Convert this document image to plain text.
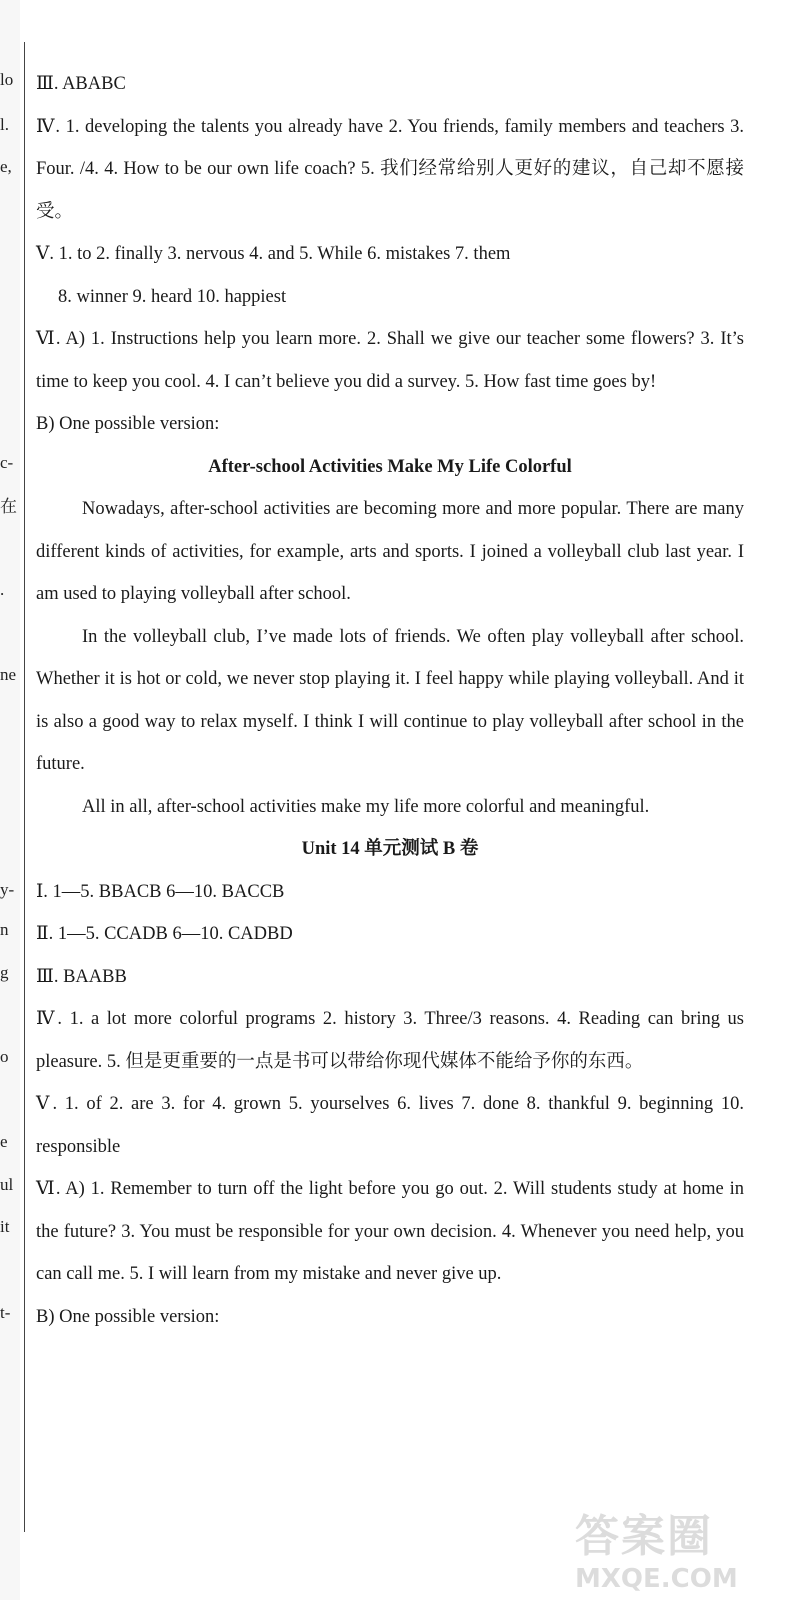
lo
l.
e,
c-
在
.
ne
y-
n
g
o
e
ul
it
t-

Ⅲ. ABABC

Ⅳ. 1. developing the talents you already have 2. You friends, family members and teachers 3. Four. /4. 4. How to be our own life coach? 5. 我们经常给别人更好的建议，自己却不愿接受。

Ⅴ. 1. to 2. finally 3. nervous 4. and 5. While 6. mistakes 7. them

8. winner 9. heard 10. happiest

Ⅵ. A) 1. Instructions help you learn more. 2. Shall we give our teacher some flowers? 3. It’s time to keep you cool. 4. I can’t believe you did a survey. 5. How fast time goes by!

B) One possible version:

After-school Activities Make My Life Colorful

Nowadays, after-school activities are becoming more and more popular. There are many different kinds of activities, for example, arts and sports. I joined a volleyball club last year. I am used to playing volleyball after school.

In the volleyball club, I’ve made lots of friends. We often play volleyball after school. Whether it is hot or cold, we never stop playing it. I feel happy while playing volleyball. And it is also a good way to relax myself. I think I will continue to play volleyball after school in the future.

All in all, after-school activities make my life more colorful and meaningful.

Unit 14 单元测试 B 卷

Ⅰ. 1—5. BBACB 6—10. BACCB

Ⅱ. 1—5. CCADB 6—10. CADBD

Ⅲ. BAABB

Ⅳ. 1. a lot more colorful programs 2. history 3. Three/3 reasons. 4. Reading can bring us pleasure. 5. 但是更重要的一点是书可以带给你现代媒体不能给予你的东西。

Ⅴ. 1. of 2. are 3. for 4. grown 5. yourselves 6. lives 7. done 8. thankful 9. beginning 10. responsible

Ⅵ. A) 1. Remember to turn off the light before you go out. 2. Will students study at home in the future? 3. You must be responsible for your own decision. 4. Whenever you need help, you can call me. 5. I will learn from my mistake and never give up.

B) One possible version:

答案圈
MXQE.COM
